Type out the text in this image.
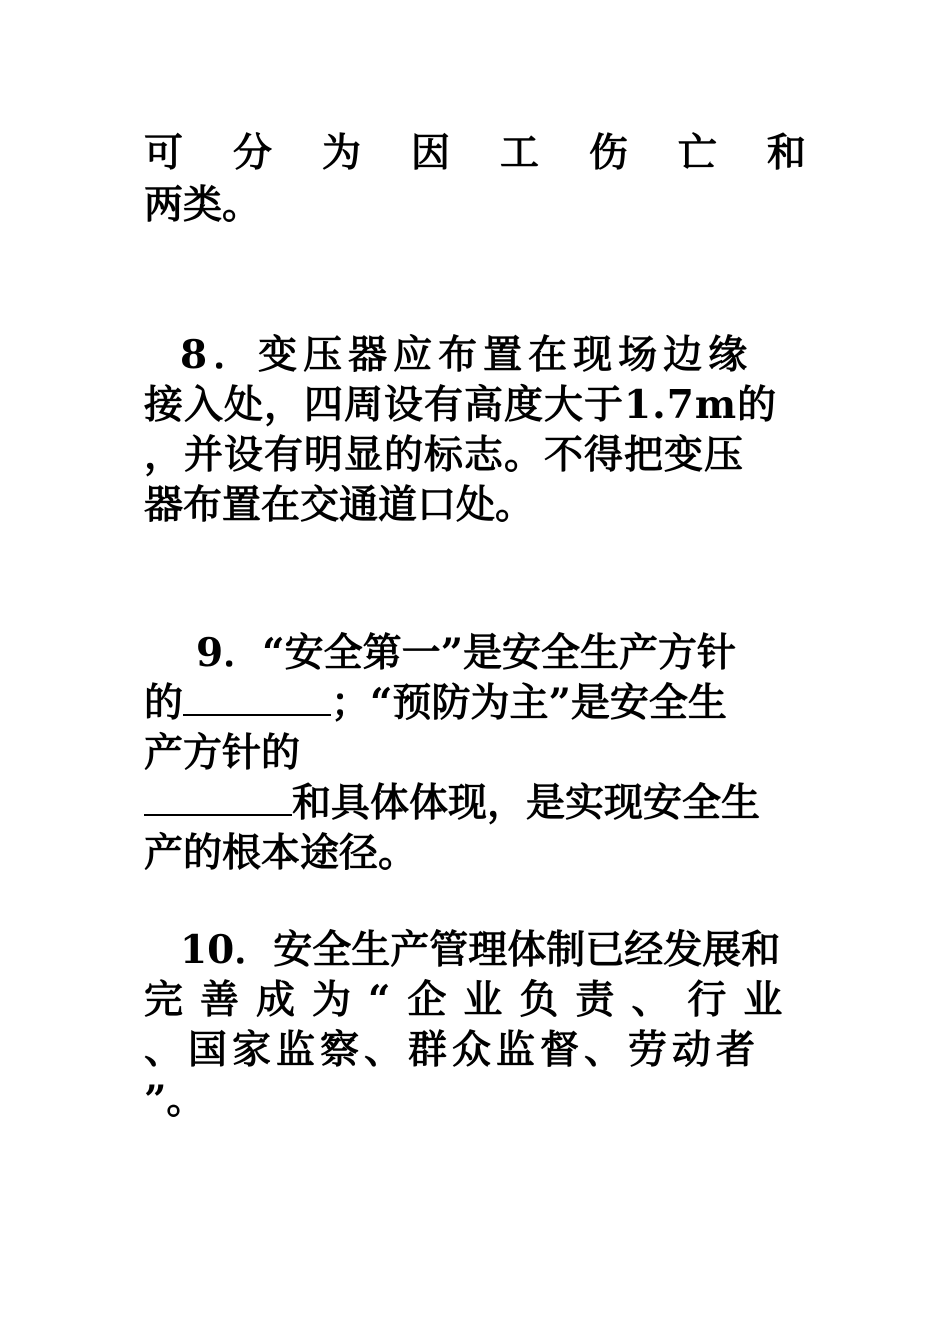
可 分 为 因 工 伤 亡 和
两类。
8．变压器应布置在现场边缘
接入处，四周设有高度大于1.7m的
，并设有明显的标志。不得把变压
器布置在交通道口处。
9．“安全第一”是安全生产方针
的	；“预防为主”是安全生
产方针的
和具体体现，是实现安全生
产的根本途径。
10．安全生产管理体制已经发展和
完善成为“企业负责、行业
、国家监察、群众监督、劳动者
”。
